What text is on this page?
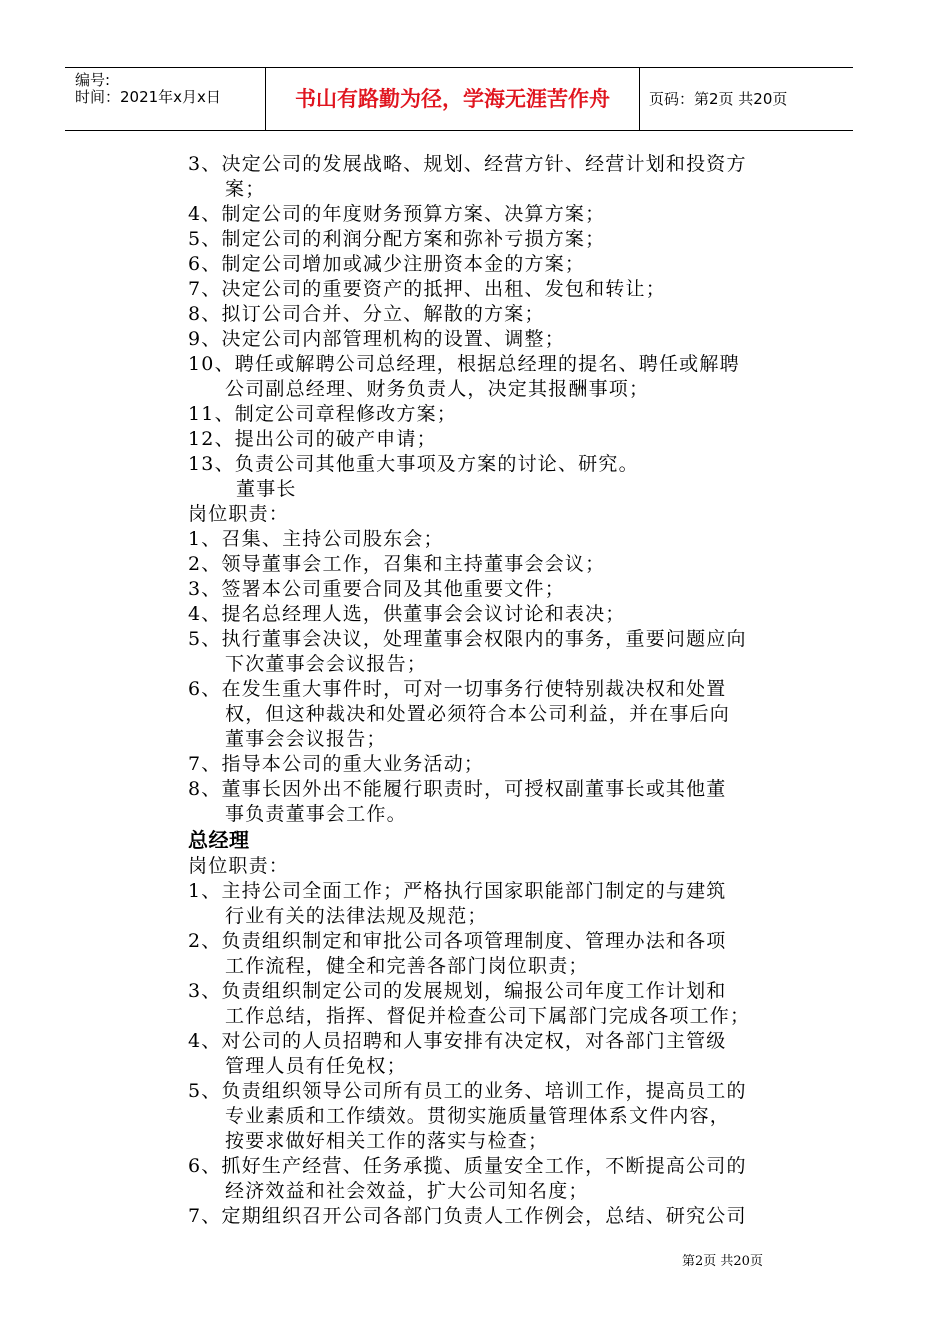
编号:
时间：2021年x月x日	书山有路勤为径，学海无涯苦作舟	页码：第2页 共20页
3、决定公司的发展战略、规划、经营方针、经营计划和投资方
案；
4、制定公司的年度财务预算方案、决算方案；
5、制定公司的利润分配方案和弥补亏损方案；
6、制定公司增加或减少注册资本金的方案；
7、决定公司的重要资产的抵押、出租、发包和转让；
8、拟订公司合并、分立、解散的方案；
9、决定公司内部管理机构的设置、调整；
10、聘任或解聘公司总经理，根据总经理的提名、聘任或解聘
公司副总经理、财务负责人，决定其报酬事项；
11、制定公司章程修改方案；
12、提出公司的破产申请；
13、负责公司其他重大事项及方案的讨论、研究。
董事长
岗位职责：
1、召集、主持公司股东会；
2、领导董事会工作，召集和主持董事会会议；
3、签署本公司重要合同及其他重要文件；
4、提名总经理人选，供董事会会议讨论和表决；
5、执行董事会决议，处理董事会权限内的事务，重要问题应向
下次董事会会议报告；
6、在发生重大事件时，可对一切事务行使特别裁决权和处置
权，但这种裁决和处置必须符合本公司利益，并在事后向
董事会会议报告；
7、指导本公司的重大业务活动；
8、董事长因外出不能履行职责时，可授权副董事长或其他董
事负责董事会工作。
总经理
岗位职责：
1、主持公司全面工作；严格执行国家职能部门制定的与建筑
行业有关的法律法规及规范；
2、负责组织制定和审批公司各项管理制度、管理办法和各项
工作流程，健全和完善各部门岗位职责；
3、负责组织制定公司的发展规划，编报公司年度工作计划和
工作总结，指挥、督促并检查公司下属部门完成各项工作；
4、对公司的人员招聘和人事安排有决定权，对各部门主管级
管理人员有任免权；
5、负责组织领导公司所有员工的业务、培训工作，提高员工的
专业素质和工作绩效。贯彻实施质量管理体系文件内容，
按要求做好相关工作的落实与检查；
6、抓好生产经营、任务承揽、质量安全工作，不断提高公司的
经济效益和社会效益，扩大公司知名度；
7、定期组织召开公司各部门负责人工作例会，总结、研究公司
第2页 共20页
